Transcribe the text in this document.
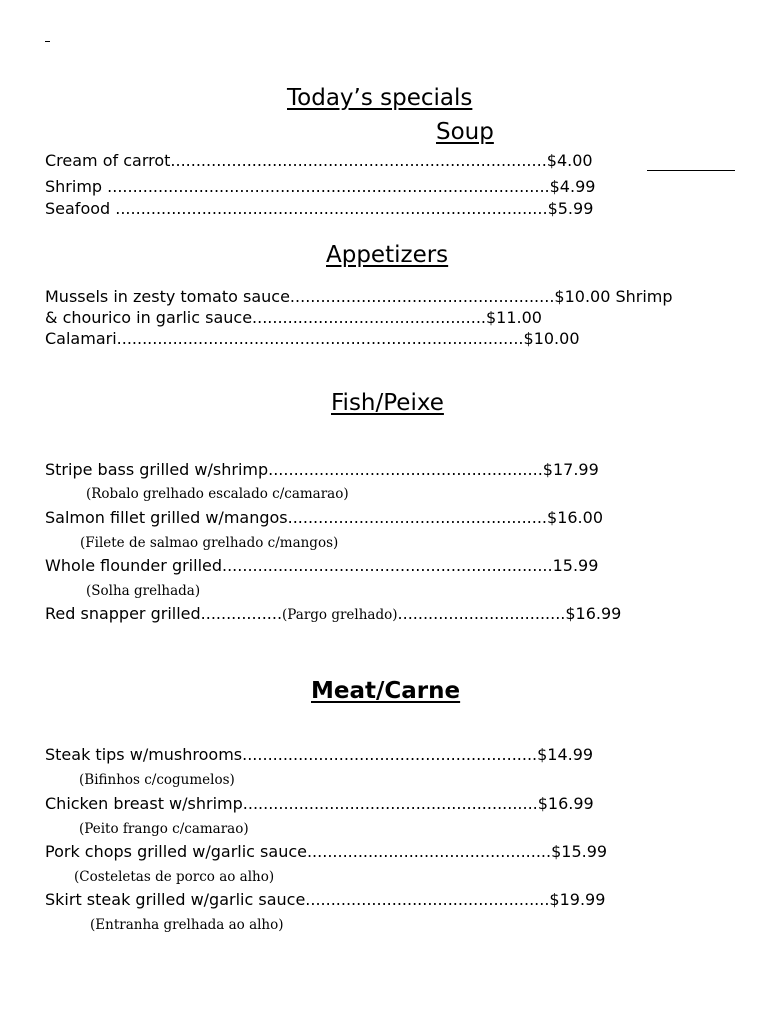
Today’s specials
Soup
Cream of carrot..........................................................................$4.00
Shrimp .......................................................................................$4.99
Seafood .....................................................................................$5.99
Appetizers
Mussels in zesty tomato sauce....................................................$10.00 Shrimp
& chourico in garlic sauce..............................................$11.00
Calamari................................................................................$10.00
Fish/Peixe
Stripe bass grilled w/shrimp......................................................$17.99
(Robalo grelhado escalado c/camarao)
Salmon fillet grilled w/mangos...................................................$16.00
(Filete de salmao grelhado c/mangos)
Whole flounder grilled.................................................................15.99
(Solha grelhada)
Red snapper grilled................(Pargo grelhado).................................$16.99
Meat/Carne
Steak tips w/mushrooms..........................................................$14.99
(Bifinhos c/cogumelos)
Chicken breast w/shrimp..........................................................$16.99
(Peito frango c/camarao)
Pork chops grilled w/garlic sauce................................................$15.99
(Costeletas de porco ao alho)
Skirt steak grilled w/garlic sauce................................................$19.99
(Entranha grelhada ao alho)
